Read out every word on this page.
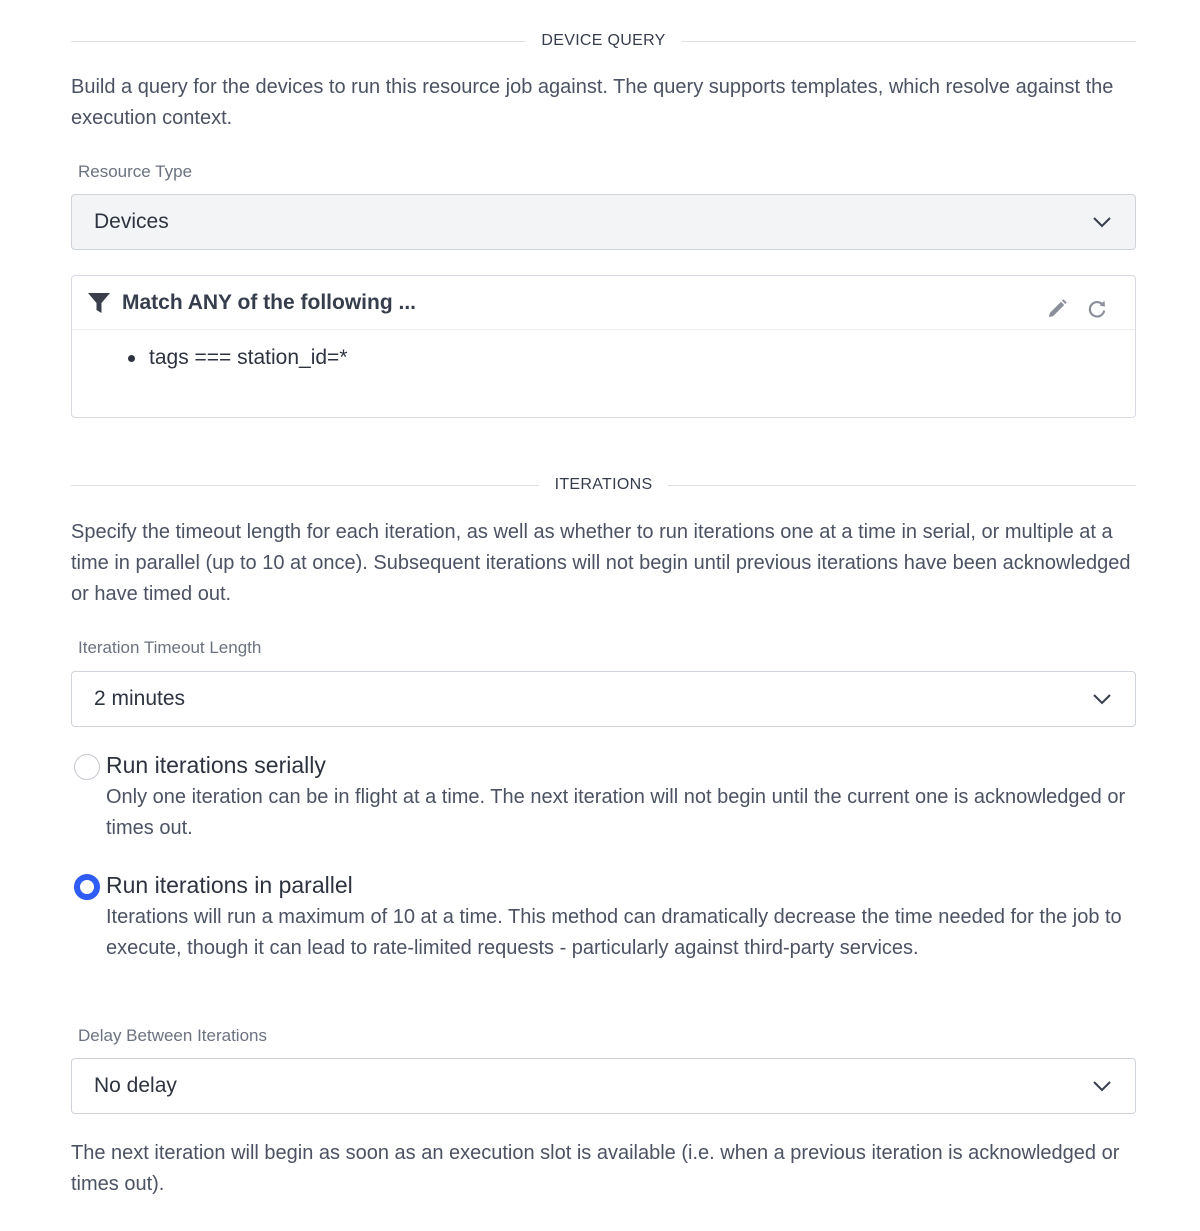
DEVICE QUERY
Build a query for the devices to run this resource job against. The query supports templates, which resolve against the execution context.
Resource Type
Devices
Match ANY of the following ...
tags === station_id=*
ITERATIONS
Specify the timeout length for each iteration, as well as whether to run iterations one at a time in serial, or multiple at a time in parallel (up to 10 at once). Subsequent iterations will not begin until previous iterations have been acknowledged or have timed out.
Iteration Timeout Length
2 minutes
Run iterations serially
Only one iteration can be in flight at a time. The next iteration will not begin until the current one is acknowledged or times out.
Run iterations in parallel
Iterations will run a maximum of 10 at a time. This method can dramatically decrease the time needed for the job to execute, though it can lead to rate-limited requests - particularly against third-party services.
Delay Between Iterations
No delay
The next iteration will begin as soon as an execution slot is available (i.e. when a previous iteration is acknowledged or times out).
